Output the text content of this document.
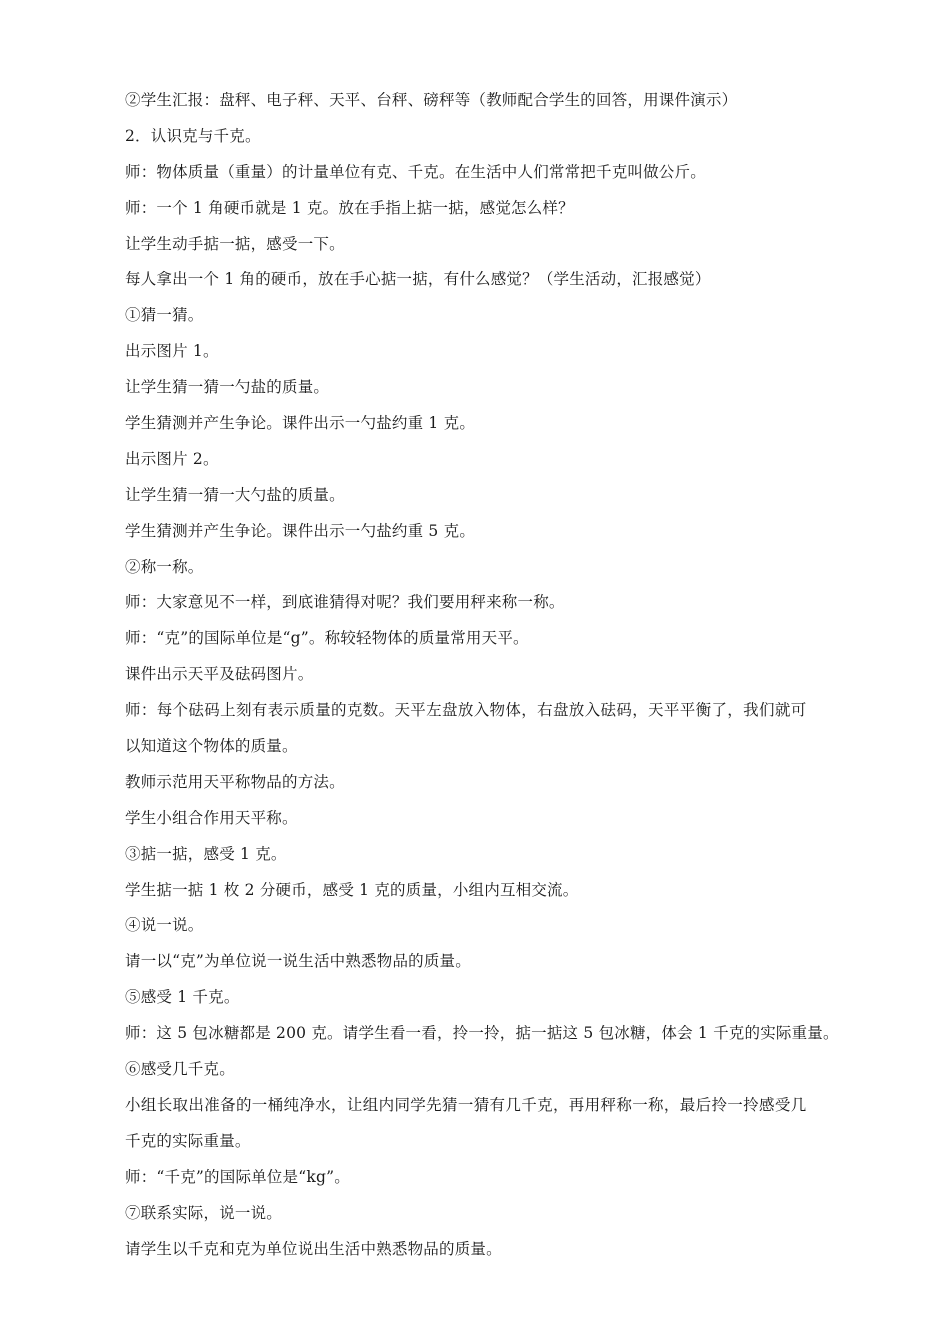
②学生汇报：盘秤、电子秤、天平、台秤、磅秤等（教师配合学生的回答，用课件演示）

2．认识克与千克。

师：物体质量（重量）的计量单位有克、千克。在生活中人们常常把千克叫做公斤。

师：一个 1 角硬币就是 1 克。放在手指上掂一掂，感觉怎么样？

让学生动手掂一掂，感受一下。

每人拿出一个 1 角的硬币，放在手心掂一掂，有什么感觉？（学生活动，汇报感觉）

①猜一猜。

出示图片 1。

让学生猜一猜一勺盐的质量。

学生猜测并产生争论。课件出示一勺盐约重 1 克。

出示图片 2。

让学生猜一猜一大勺盐的质量。

学生猜测并产生争论。课件出示一勺盐约重 5 克。

②称一称。

师：大家意见不一样，到底谁猜得对呢？我们要用秤来称一称。

师：“克”的国际单位是“g”。称较轻物体的质量常用天平。

课件出示天平及砝码图片。

师：每个砝码上刻有表示质量的克数。天平左盘放入物体，右盘放入砝码，天平平衡了，我们就可

以知道这个物体的质量。

教师示范用天平称物品的方法。

学生小组合作用天平称。

③掂一掂，感受 1 克。

学生掂一掂 1 枚 2 分硬币，感受 1 克的质量，小组内互相交流。

④说一说。

请一以“克”为单位说一说生活中熟悉物品的质量。

⑤感受 1 千克。

师：这 5 包冰糖都是 200 克。请学生看一看，拎一拎，掂一掂这 5 包冰糖，体会 1 千克的实际重量。

⑥感受几千克。

小组长取出准备的一桶纯净水，让组内同学先猜一猜有几千克，再用秤称一称，最后拎一拎感受几

千克的实际重量。

师：“千克”的国际单位是“kg”。

⑦联系实际，说一说。

请学生以千克和克为单位说出生活中熟悉物品的质量。
